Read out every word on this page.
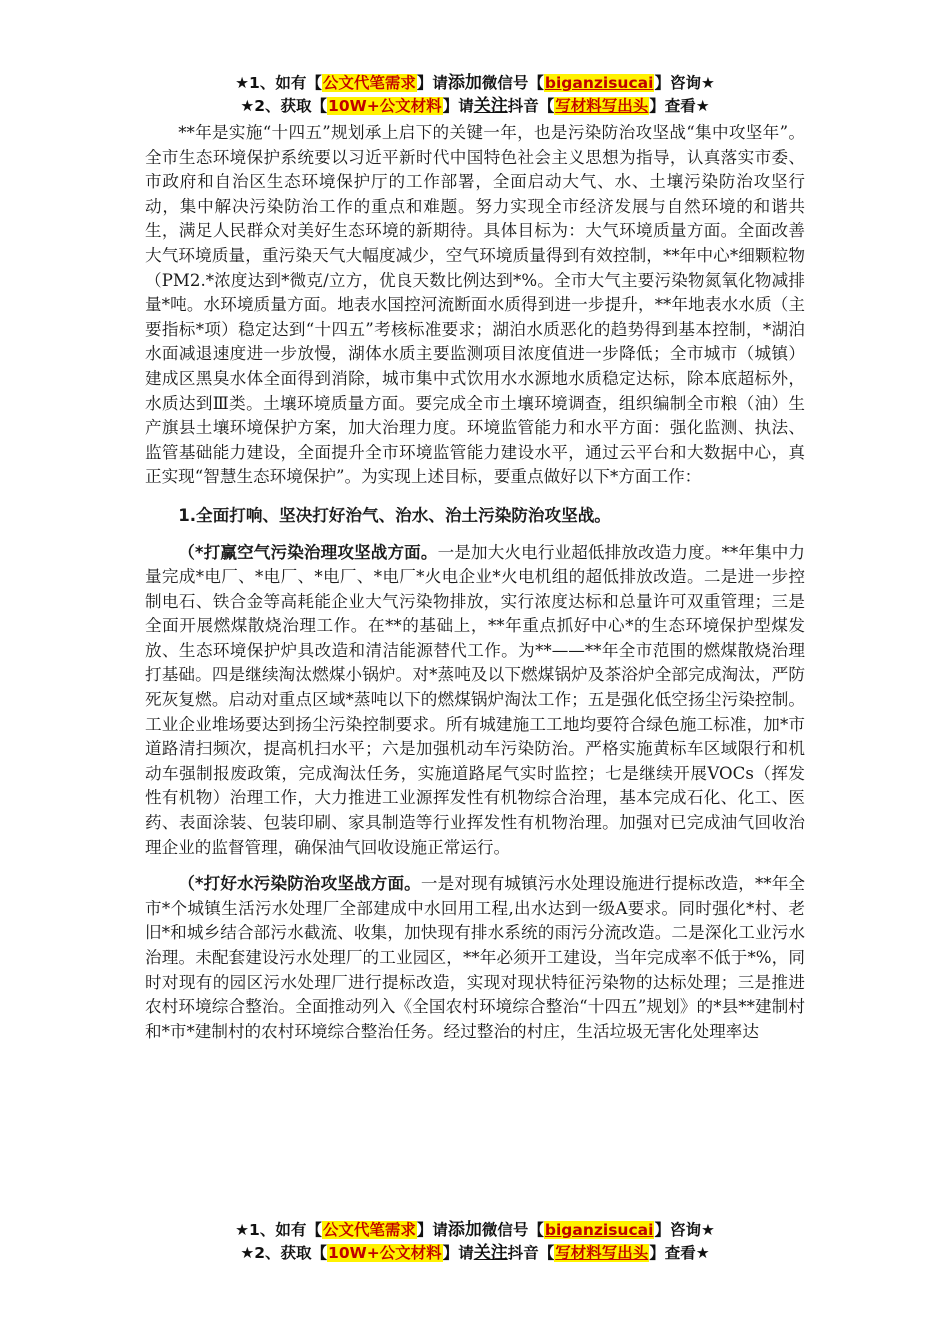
★1、如有【公文代笔需求】请添加微信号【biganzisucai】咨询★
★2、获取【10W+公文材料】请关注抖音【写材料写出头】查看★

**年是实施“十四五”规划承上启下的关键一年，也是污染防治攻坚战“集中攻坚年”。全市生态环境保护系统要以习近平新时代中国特色社会主义思想为指导，认真落实市委、市政府和自治区生态环境保护厅的工作部署，全面启动大气、水、土壤污染防治攻坚行动，集中解决污染防治工作的重点和难题。努力实现全市经济发展与自然环境的和谐共生，满足人民群众对美好生态环境的新期待。具体目标为：大气环境质量方面。全面改善大气环境质量，重污染天气大幅度减少，空气环境质量得到有效控制，**年中心*细颗粒物（PM2.*浓度达到*微克/立方，优良天数比例达到*%。全市大气主要污染物氮氧化物减排量*吨。水环境质量方面。地表水国控河流断面水质得到进一步提升，**年地表水水质（主要指标*项）稳定达到“十四五”考核标准要求；湖泊水质恶化的趋势得到基本控制，*湖泊水面减退速度进一步放慢，湖体水质主要监测项目浓度值进一步降低；全市城市（城镇）建成区黑臭水体全面得到消除，城市集中式饮用水水源地水质稳定达标，除本底超标外，水质达到Ⅲ类。土壤环境质量方面。要完成全市土壤环境调查，组织编制全市粮（油）生产旗县土壤环境保护方案，加大治理力度。环境监管能力和水平方面：强化监测、执法、监管基础能力建设，全面提升全市环境监管能力建设水平，通过云平台和大数据中心，真正实现“智慧生态环境保护”。为实现上述目标，要重点做好以下*方面工作：

1.全面打响、坚决打好治气、治水、治土污染防治攻坚战。

（*打赢空气污染治理攻坚战方面。一是加大火电行业超低排放改造力度。**年集中力量完成*电厂、*电厂、*电厂、*电厂*火电企业*火电机组的超低排放改造。二是进一步控制电石、铁合金等高耗能企业大气污染物排放，实行浓度达标和总量许可双重管理；三是全面开展燃煤散烧治理工作。在**的基础上，**年重点抓好中心*的生态环境保护型煤发放、生态环境保护炉具改造和清洁能源替代工作。为**——**年全市范围的燃煤散烧治理打基础。四是继续淘汰燃煤小锅炉。对*蒸吨及以下燃煤锅炉及茶浴炉全部完成淘汰，严防死灰复燃。启动对重点区域*蒸吨以下的燃煤锅炉淘汰工作；五是强化低空扬尘污染控制。工业企业堆场要达到扬尘污染控制要求。所有城建施工工地均要符合绿色施工标准，加*市道路清扫频次，提高机扫水平；六是加强机动车污染防治。严格实施黄标车区域限行和机动车强制报废政策，完成淘汰任务，实施道路尾气实时监控；七是继续开展VOCs（挥发性有机物）治理工作，大力推进工业源挥发性有机物综合治理，基本完成石化、化工、医药、表面涂装、包装印刷、家具制造等行业挥发性有机物治理。加强对已完成油气回收治理企业的监督管理，确保油气回收设施正常运行。

（*打好水污染防治攻坚战方面。一是对现有城镇污水处理设施进行提标改造，**年全市*个城镇生活污水处理厂全部建成中水回用工程,出水达到一级A要求。同时强化*村、老旧*和城乡结合部污水截流、收集，加快现有排水系统的雨污分流改造。二是深化工业污水治理。未配套建设污水处理厂的工业园区，**年必须开工建设，当年完成率不低于*%，同时对现有的园区污水处理厂进行提标改造，实现对现状特征污染物的达标处理；三是推进农村环境综合整治。全面推动列入《全国农村环境综合整治“十四五”规划》的*县**建制村和*市*建制村的农村环境综合整治任务。经过整治的村庄，生活垃圾无害化处理率达

★1、如有【公文代笔需求】请添加微信号【biganzisucai】咨询★
★2、获取【10W+公文材料】请关注抖音【写材料写出头】查看★
